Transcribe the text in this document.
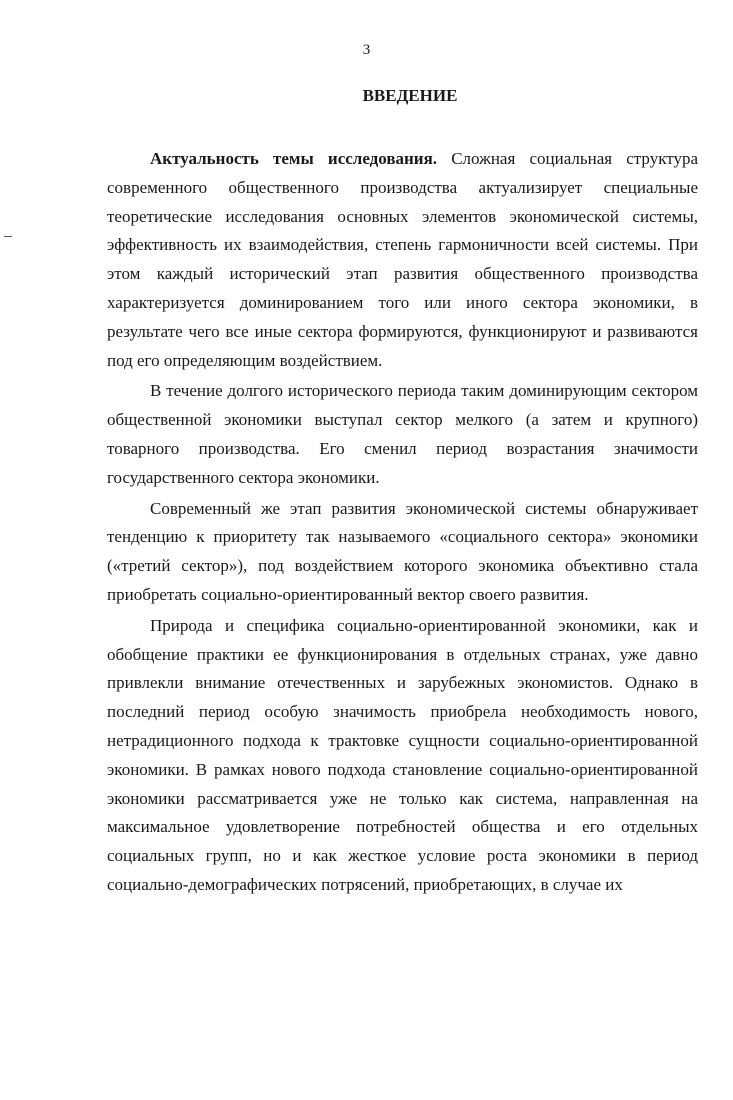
3
ВВЕДЕНИЕ

Актуальность темы исследования. Сложная социальная структура современного общественного производства актуализирует специальные теоретические исследования основных элементов экономической системы, эффективность их взаимодействия, степень гармоничности всей системы. При этом каждый исторический этап развития общественного производства характеризуется доминированием того или иного сектора экономики, в результате чего все иные сектора формируются, функционируют и развиваются под его определяющим воздействием.

В течение долгого исторического периода таким доминирующим сектором общественной экономики выступал сектор мелкого (а затем и крупного) товарного производства. Его сменил период возрастания значимости государственного сектора экономики.

Современный же этап развития экономической системы обнаруживает тенденцию к приоритету так называемого «социального сектора» экономики («третий сектор»), под воздействием которого экономика объективно стала приобретать социально-ориентированный вектор своего развития.

Природа и специфика социально-ориентированной экономики, как и обобщение практики ее функционирования в отдельных странах, уже давно привлекли внимание отечественных и зарубежных экономистов. Однако в последний период особую значимость приобрела необходимость нового, нетрадиционного подхода к трактовке сущности социально-ориентированной экономики. В рамках нового подхода становление социально-ориентированной экономики рассматривается уже не только как система, направленная на максимальное удовлетворение потребностей общества и его отдельных социальных групп, но и как жесткое условие роста экономики в период социально-демографических потрясений, приобретающих, в случае их
